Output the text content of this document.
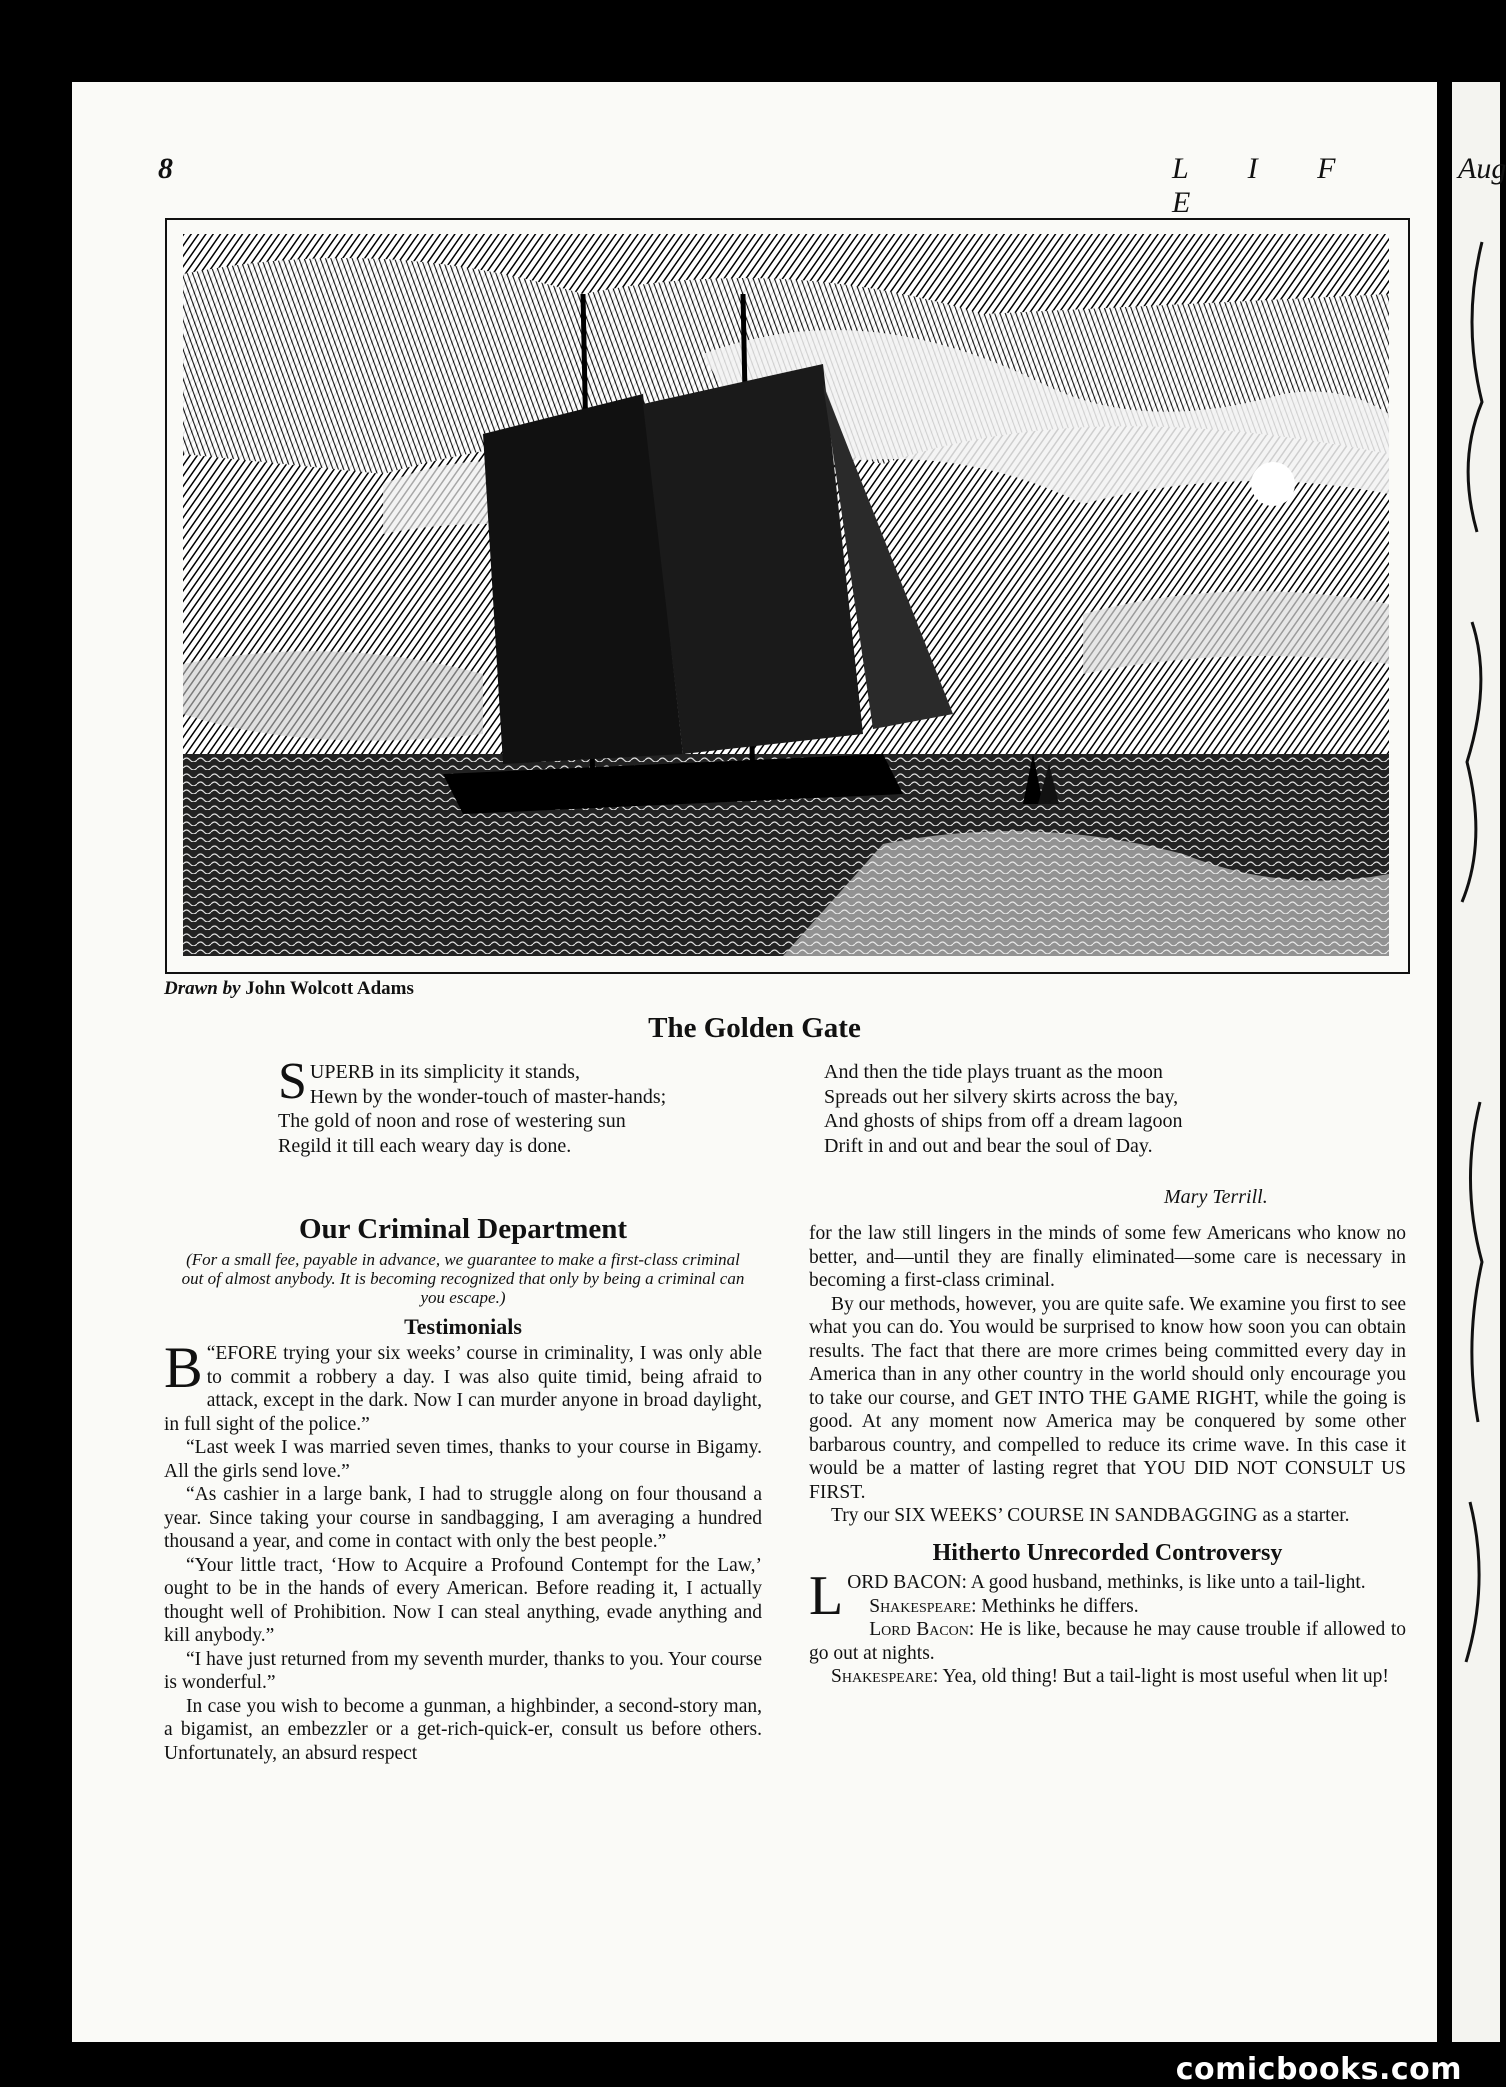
8	L I F E
Drawn by John Wolcott Adams
The Golden Gate
S UPERB in its simplicity it stands,
Hewn by the wonder-touch of master-hands;
The gold of noon and rose of westering sun
Regild it till each weary day is done.
And then the tide plays truant as the moon
Spreads out her silvery skirts across the bay,
And ghosts of ships from off a dream lagoon
Drift in and out and bear the soul of Day.
Mary Terrill.
Our Criminal Department
(For a small fee, payable in advance, we guarantee to make a first-class criminal out of almost anybody. It is becoming recognized that only by being a criminal can you escape.)
Testimonials

“
B EFORE trying your six weeks’ course in criminality, I was only able to commit a robbery a day. I was also quite timid, being afraid to attack, except in the dark. Now I can murder anyone in broad daylight, in full sight of the police.”

“Last week I was married seven times, thanks to your course in Bigamy. All the girls send love.”

“As cashier in a large bank, I had to struggle along on four thousand a year. Since taking your course in sandbagging, I am averaging a hundred thousand a year, and come in contact with only the best people.”

“Your little tract, ‘How to Acquire a Profound Contempt for the Law,’ ought to be in the hands of every American. Before reading it, I actually thought well of Prohibition. Now I can steal anything, evade anything and kill anybody.”

“I have just returned from my seventh murder, thanks to you. Your course is wonderful.”

In case you wish to become a gunman, a highbinder, a second-story man, a bigamist, an embezzler or a get-rich-quick-er, consult us before others. Unfortunately, an absurd respect

for the law still lingers in the minds of some few Americans who know no better, and—until they are finally eliminated—some care is necessary in becoming a first-class criminal.

By our methods, however, you are quite safe. We examine you first to see what you can do. You would be surprised to know how soon you can obtain results. The fact that there are more crimes being committed every day in America than in any other country in the world should only encourage you to take our course, and GET INTO THE GAME RIGHT, while the going is good. At any moment now America may be conquered by some other barbarous country, and compelled to reduce its crime wave. In this case it would be a matter of lasting regret that YOU DID NOT CONSULT US FIRST.

Try our SIX WEEKS’ COURSE IN SANDBAGGING as a starter.

Hitherto Unrecorded Controversy

LORD BACON: A good husband, methinks, is like unto a tail-light.

Shakespeare: Methinks he differs.

Lord Bacon: He is like, because he may cause trouble if allowed to go out at nights.

Shakespeare: Yea, old thing! But a tail-light is most useful when lit up!

Aug
comicbooks.com
